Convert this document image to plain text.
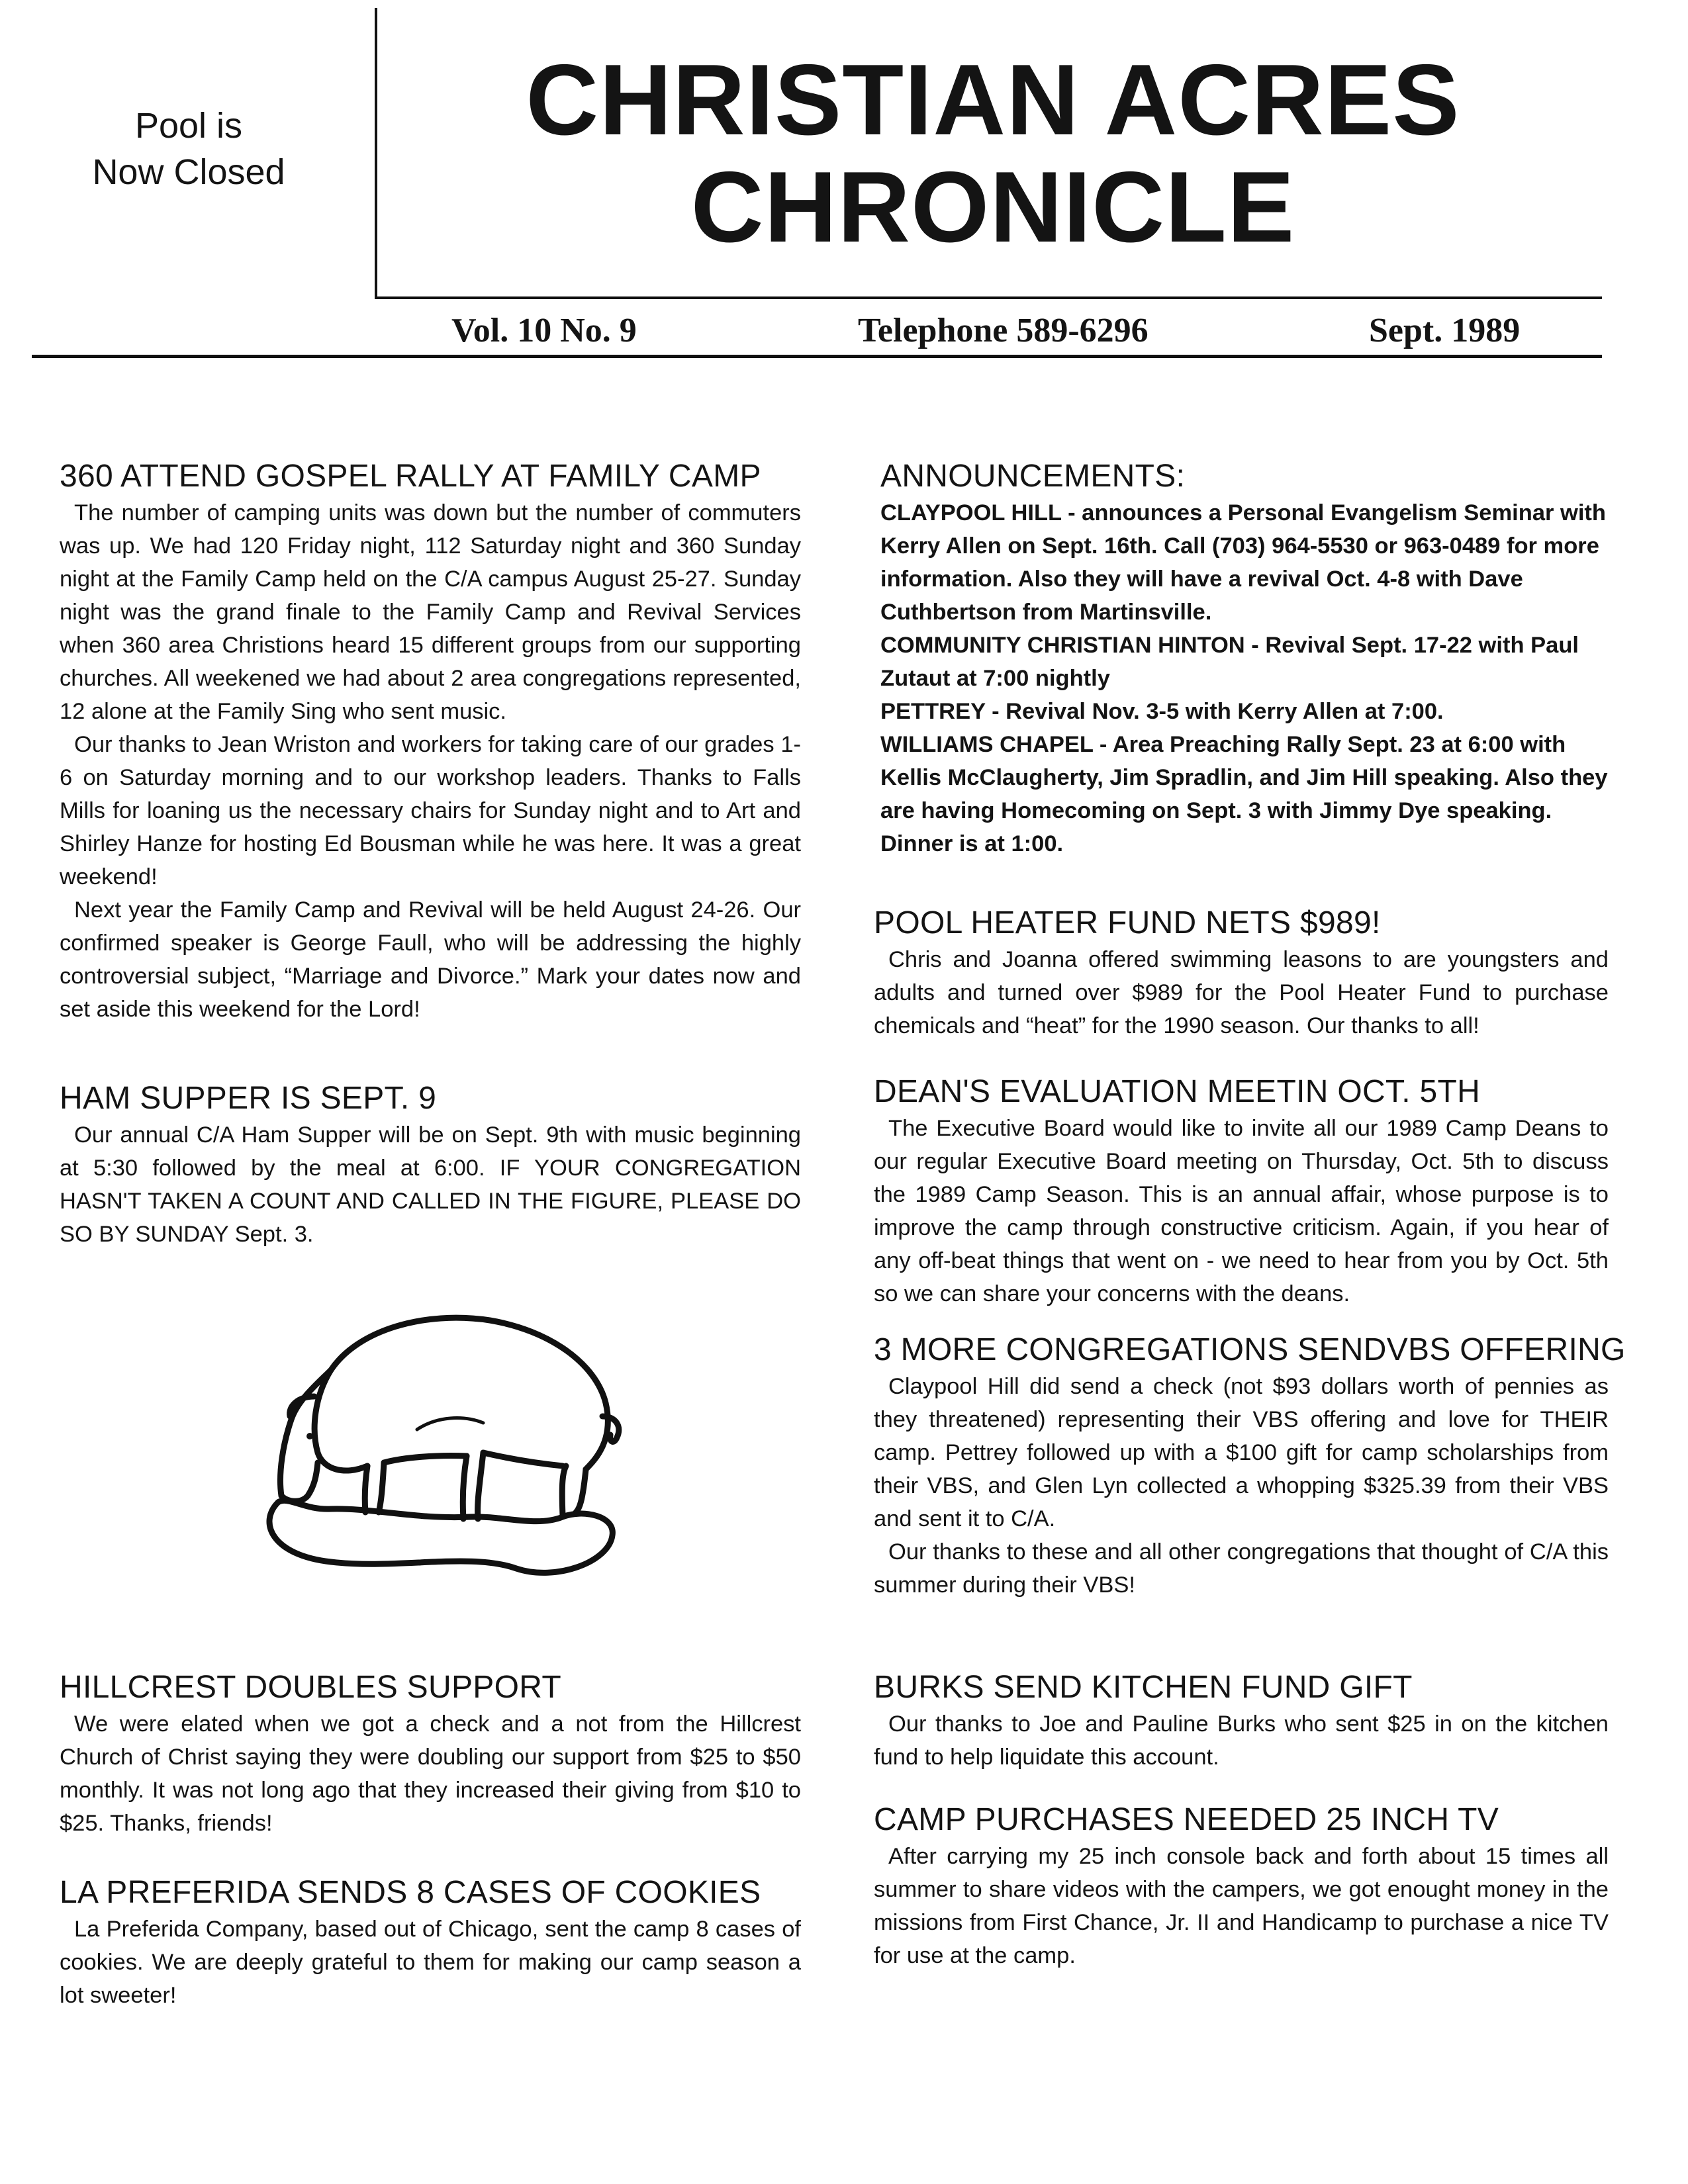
Pool is
Now Closed
CHRISTIAN ACRES
CHRONICLE
Vol. 10 No. 9	Telephone 589-6296	Sept. 1989
360 ATTEND GOSPEL RALLY AT FAMILY CAMP

The number of camping units was down but the number of commuters was up. We had 120 Friday night, 112 Saturday night and 360 Sunday night at the Family Camp held on the C/A campus August 25-27. Sunday night was the grand finale to the Family Camp and Revival Services when 360 area Christions heard 15 different groups from our supporting churches. All weekened we had about 2 area congregations represented, 12 alone at the Family Sing who sent music.

Our thanks to Jean Wriston and workers for taking care of our grades 1-6 on Saturday morning and to our workshop leaders. Thanks to Falls Mills for loaning us the necessary chairs for Sunday night and to Art and Shirley Hanze for hosting Ed Bousman while he was here. It was a great weekend!

Next year the Family Camp and Revival will be held August 24-26. Our confirmed speaker is George Faull, who will be addressing the highly controversial subject, “Marriage and Divorce.” Mark your dates now and set aside this weekend for the Lord!

HAM SUPPER IS SEPT. 9

Our annual C/A Ham Supper will be on Sept. 9th with music beginning at 5:30 followed by the meal at 6:00. IF YOUR CONGREGATION HASN'T TAKEN A COUNT AND CALLED IN THE FIGURE, PLEASE DO SO BY SUNDAY Sept. 3.

HILLCREST DOUBLES SUPPORT

We were elated when we got a check and a not from the Hillcrest Church of Christ saying they were doubling our support from $25 to $50 monthly. It was not long ago that they increased their giving from $10 to $25. Thanks, friends!

LA PREFERIDA SENDS 8 CASES OF COOKIES

La Preferida Company, based out of Chicago, sent the camp 8 cases of cookies. We are deeply grateful to them for making our camp season a lot sweeter!

ANNOUNCEMENTS:

CLAYPOOL HILL - announces a Personal Evangelism Seminar with Kerry Allen on Sept. 16th. Call (703) 964-5530 or 963-0489 for more information. Also they will have a revival Oct. 4-8 with Dave Cuthbertson from Martinsville.

COMMUNITY CHRISTIAN HINTON - Revival Sept. 17-22 with Paul Zutaut at 7:00 nightly

PETTREY - Revival Nov. 3-5 with Kerry Allen at 7:00.

WILLIAMS CHAPEL - Area Preaching Rally Sept. 23 at 6:00 with Kellis McClaugherty, Jim Spradlin, and Jim Hill speaking. Also they are having Homecoming on Sept. 3 with Jimmy Dye speaking. Dinner is at 1:00.

POOL HEATER FUND NETS $989!

Chris and Joanna offered swimming leasons to are youngsters and adults and turned over $989 for the Pool Heater Fund to purchase chemicals and “heat” for the 1990 season. Our thanks to all!

DEAN'S EVALUATION MEETIN OCT. 5TH

The Executive Board would like to invite all our 1989 Camp Deans to our regular Executive Board meeting on Thursday, Oct. 5th to discuss the 1989 Camp Season. This is an annual affair, whose purpose is to improve the camp through constructive criticism. Again, if you hear of any off-beat things that went on - we need to hear from you by Oct. 5th so we can share your concerns with the deans.

3 MORE CONGREGATIONS SENDVBS OFFERING

Claypool Hill did send a check (not $93 dollars worth of pennies as they threatened) representing their VBS offering and love for THEIR camp. Pettrey followed up with a $100 gift for camp scholarships from their VBS, and Glen Lyn collected a whopping $325.39 from their VBS and sent it to C/A.

Our thanks to these and all other congregations that thought of C/A this summer during their VBS!

BURKS SEND KITCHEN FUND GIFT

Our thanks to Joe and Pauline Burks who sent $25 in on the kitchen fund to help liquidate this account.

CAMP PURCHASES NEEDED 25 INCH TV

After carrying my 25 inch console back and forth about 15 times all summer to share videos with the campers, we got enought money in the missions from First Chance, Jr. II and Handicamp to purchase a nice TV for use at the camp.
